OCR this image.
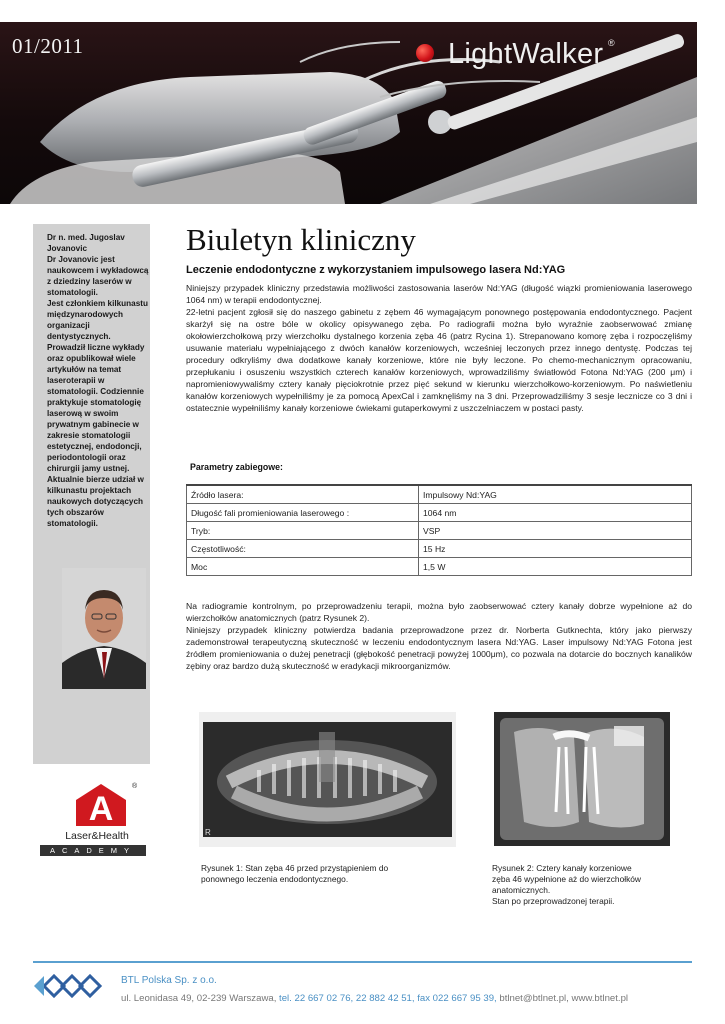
01/2011	LightWalker ®

Dr n. med. Jugoslav Jovanovic

Dr Jovanovic jest naukowcem i wykładowcą z dziedziny laserów w stomatologii.

Jest członkiem kilkunastu międzynarodowych organizacji dentystycznych.

Prowadził liczne wykłady oraz opublikował wiele artykułów na temat laseroterapii w stomatologii. Codziennie praktykuje stomatologię laserową w swoim prywatnym gabinecie w zakresie stomatologii estetycznej, endodoncji, periodontologii oraz chirurgii jamy ustnej. Aktualnie bierze udział w kilkunastu projektach naukowych dotyczących tych obszarów stomatologii.

A
®
Laser&Health
ACADEMY
Biuletyn kliniczny
Leczenie endodontyczne z wykorzystaniem impulsowego lasera Nd:YAG

Niniejszy przypadek kliniczny przedstawia możliwości zastosowania laserów Nd:YAG (długość wiązki promieniowania laserowego 1064 nm) w terapii endodontycznej.

22-letni pacjent zgłosił się do naszego gabinetu z zębem 46 wymagającym ponownego postępowania endodontycznego. Pacjent skarżył się na ostre bóle w okolicy opisywanego zęba. Po radiografii można było wyraźnie zaobserwować zmianę okołowierzchołkową przy wierzchołku dystalnego korzenia zęba 46 (patrz Rycina 1). Strepanowano komorę zęba i rozpoczęliśmy usuwanie materiału wypełniającego z dwóch kanałów korzeniowych, wcześniej leczonych przez innego dentystę. Podczas tej procedury odkryliśmy dwa dodatkowe kanały korzeniowe, które nie były leczone. Po chemo-mechanicznym opracowaniu, przepłukaniu i osuszeniu wszystkich czterech kanałów korzeniowych, wprowadziliśmy światłowód Fotona Nd:YAG (200 μm) i napromieniowywaliśmy cztery kanały pięciokrotnie przez pięć sekund w kierunku wierzchołkowo-korzeniowym. Po naświetleniu kanałów korzeniowych wypełniliśmy je za pomocą ApexCal i zamknęliśmy na 3 dni. Przeprowadziliśmy 3 sesje lecznicze co 3 dni i ostatecznie wypełniliśmy kanały korzeniowe ćwiekami gutaperkowymi z uszczelniaczem w postaci pasty.

Parametry zabiegowe:
Źródło lasera:	Impulsowy Nd:YAG
Długość fali promieniowania laserowego :	1064 nm
Tryb:	VSP
Częstotliwość:	15 Hz
Moc	1,5 W

Na radiogramie kontrolnym, po przeprowadzeniu terapii, można było zaobserwować cztery kanały dobrze wypełnione aż do wierzchołków anatomicznych (patrz Rysunek 2).

Niniejszy przypadek kliniczny potwierdza badania przeprowadzone przez dr. Norberta Gutknechta, który jako pierwszy zademonstrował terapeutyczną skuteczność w leczeniu endodontycznym lasera Nd:YAG. Laser impulsowy Nd:YAG Fotona jest źródłem promieniowania o dużej penetracji (głębokość penetracji powyżej 1000μm), co pozwala na dotarcie do bocznych kanalików zębiny oraz bardzo dużą skuteczność w eradykacji mikroorganizmów.

R

Rysunek 1: Stan zęba 46 przed przystąpieniem do

ponownego leczenia endodontycznego.

Rysunek 2: Cztery kanały korzeniowe

zęba 46 wypełnione aż do wierzchołków

anatomicznych.

Stan po przeprowadzonej terapii.

BTL Polska Sp. z o.o.
ul. Leonidasa 49, 02-239 Warszawa, tel. 22 667 02 76, 22 882 42 51, fax 022 667 95 39, btlnet@btlnet.pl, www.btlnet.pl
